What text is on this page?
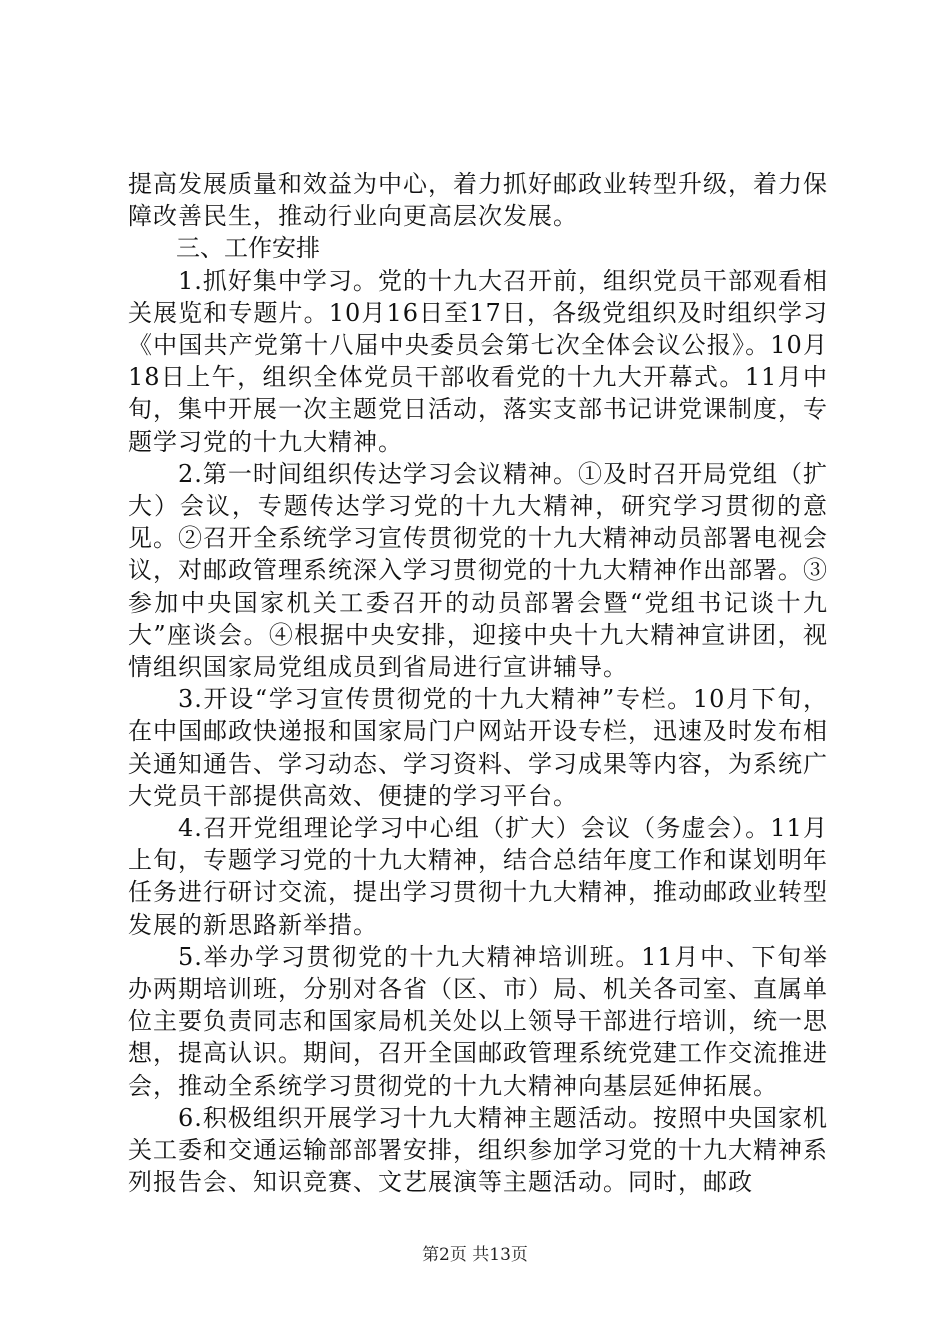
提高发展质量和效益为中心，着力抓好邮政业转型升级，着力保障改善民生，推动行业向更高层次发展。

三、工作安排

1.抓好集中学习。党的十九大召开前，组织党员干部观看相关展览和专题片。10月16日至17日，各级党组织及时组织学习《中国共产党第十八届中央委员会第七次全体会议公报》。10月18日上午，组织全体党员干部收看党的十九大开幕式。11月中旬，集中开展一次主题党日活动，落实支部书记讲党课制度，专题学习党的十九大精神。

2.第一时间组织传达学习会议精神。①及时召开局党组（扩大）会议，专题传达学习党的十九大精神，研究学习贯彻的意见。②召开全系统学习宣传贯彻党的十九大精神动员部署电视会议，对邮政管理系统深入学习贯彻党的十九大精神作出部署。③参加中央国家机关工委召开的动员部署会暨“党组书记谈十九大”座谈会。④根据中央安排，迎接中央十九大精神宣讲团，视情组织国家局党组成员到省局进行宣讲辅导。

3.开设“学习宣传贯彻党的十九大精神”专栏。10月下旬，在中国邮政快递报和国家局门户网站开设专栏，迅速及时发布相关通知通告、学习动态、学习资料、学习成果等内容，为系统广大党员干部提供高效、便捷的学习平台。

4.召开党组理论学习中心组（扩大）会议（务虚会）。11月上旬，专题学习党的十九大精神，结合总结年度工作和谋划明年任务进行研讨交流，提出学习贯彻十九大精神，推动邮政业转型发展的新思路新举措。

5.举办学习贯彻党的十九大精神培训班。11月中、下旬举办两期培训班，分别对各省（区、市）局、机关各司室、直属单位主要负责同志和国家局机关处以上领导干部进行培训，统一思想，提高认识。期间，召开全国邮政管理系统党建工作交流推进会，推动全系统学习贯彻党的十九大精神向基层延伸拓展。

6.积极组织开展学习十九大精神主题活动。按照中央国家机关工委和交通运输部部署安排，组织参加学习党的十九大精神系列报告会、知识竞赛、文艺展演等主题活动。同时，邮政

第2页 共13页
